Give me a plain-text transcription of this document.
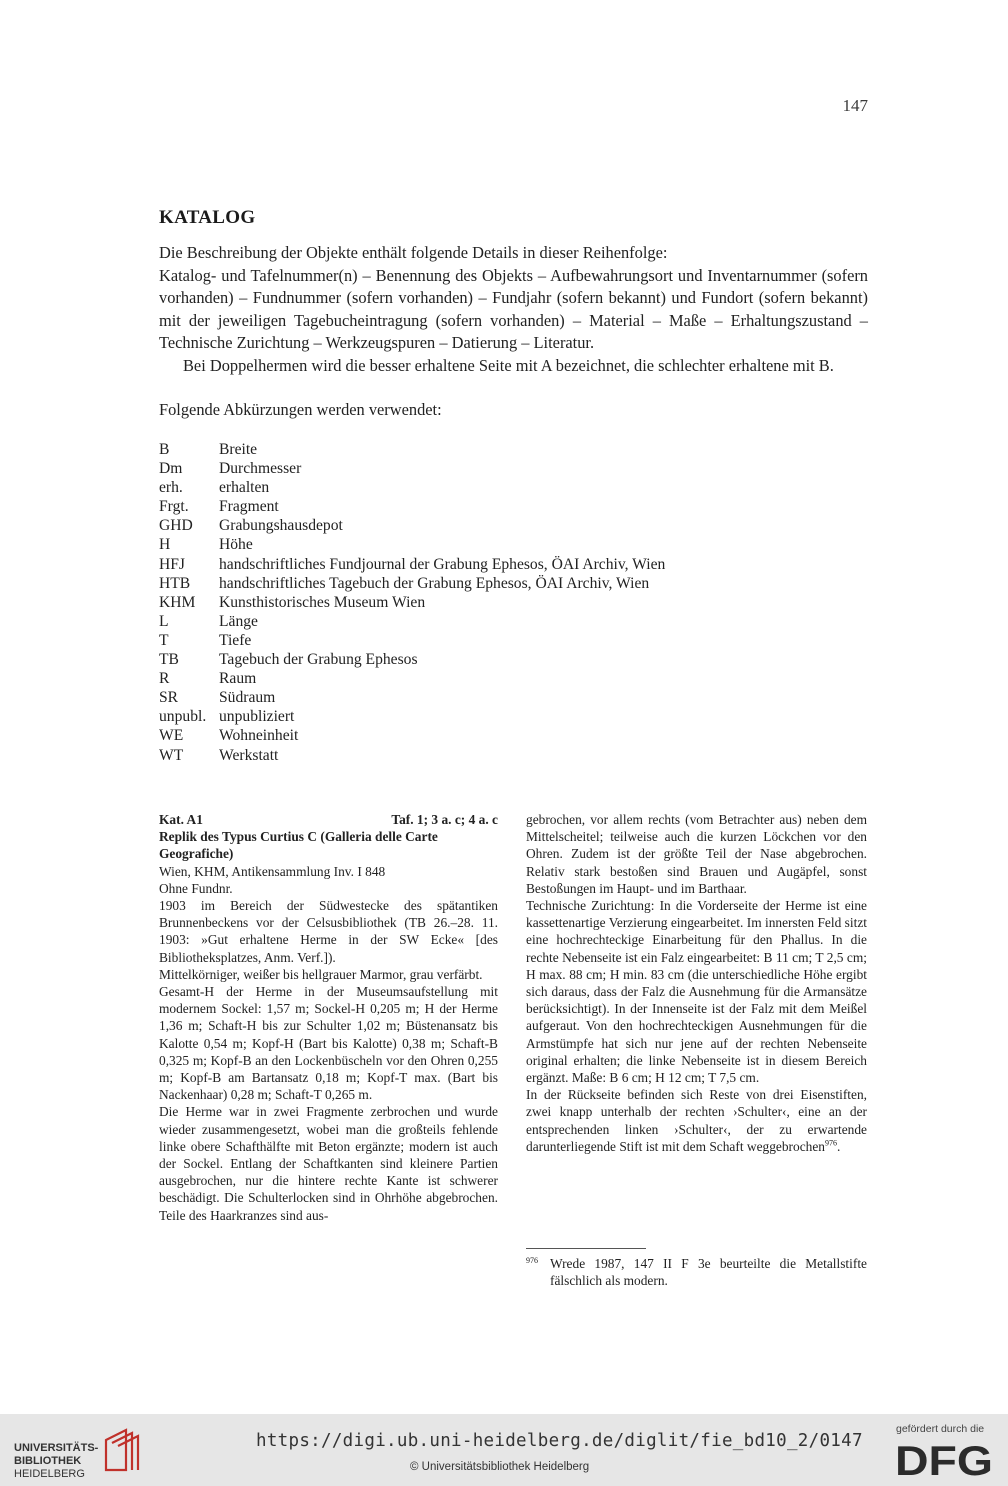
147
KATALOG

Die Beschreibung der Objekte enthält folgende Details in dieser Reihenfolge:

Katalog- und Tafelnummer(n) – Benennung des Objekts – Aufbewahrungsort und Inventarnummer (sofern vorhanden) – Fundnummer (sofern vorhanden) – Fundjahr (sofern bekannt) und Fundort (sofern bekannt) mit der jeweiligen Tagebucheintragung (sofern vorhanden) – Material – Maße – Erhaltungszustand – Technische Zurichtung – Werkzeugspuren – Datierung – Literatur.

Bei Doppelhermen wird die besser erhaltene Seite mit A bezeichnet, die schlechter erhaltene mit B.

Folgende Abkürzungen werden verwendet:
B	Breite
Dm Durchmesser
erh. erhalten
Frgt. Fragment
GHD Grabungshausdepot
H	Höhe
HFJ handschriftliches Fundjournal der Grabung Ephesos, ÖAI Archiv, Wien
HTB handschriftliches Tagebuch der Grabung Ephesos, ÖAI Archiv, Wien
KHM Kunsthistorisches Museum Wien
L	Länge
T	Tiefe
TB	Tagebuch der Grabung Ephesos
R	Raum
SR	Südraum
unpubl. unpubliziert
WE Wohneinheit
WT Werkstatt
Kat. A1	Taf. 1; 3 a. c; 4 a. c

Replik des Typus Curtius C (Galleria delle Carte Geografiche)

Wien, KHM, Antikensammlung Inv. I 848

Ohne Fundnr.

1903 im Bereich der Südwestecke des spätantiken Brunnenbeckens vor der Celsusbibliothek (TB 26.–28. 11. 1903: »Gut erhaltene Herme in der SW Ecke« [des Bibliotheksplatzes, Anm. Verf.]).

Mittelkörniger, weißer bis hellgrauer Marmor, grau verfärbt.

Gesamt-H der Herme in der Museumsaufstellung mit modernem Sockel: 1,57 m; Sockel-H 0,205 m; H der Herme 1,36 m; Schaft-H bis zur Schulter 1,02 m; Büstenansatz bis Kalotte 0,54 m; Kopf-H (Bart bis Kalotte) 0,38 m; Schaft-B 0,325 m; Kopf-B an den Lockenbüscheln vor den Ohren 0,255 m; Kopf-B am Bartansatz 0,18 m; Kopf-T max. (Bart bis Nackenhaar) 0,28 m; Schaft-T 0,265 m.

Die Herme war in zwei Fragmente zerbrochen und wurde wieder zusammengesetzt, wobei man die großteils fehlende linke obere Schafthälfte mit Beton ergänzte; modern ist auch der Sockel. Entlang der Schaftkanten sind kleinere Partien ausgebrochen, nur die hintere rechte Kante ist schwerer beschädigt. Die Schulterlocken sind in Ohrhöhe abgebrochen. Teile des Haarkranzes sind aus-

gebrochen, vor allem rechts (vom Betrachter aus) neben dem Mittelscheitel; teilweise auch die kurzen Löckchen vor den Ohren. Zudem ist der größte Teil der Nase abgebrochen. Relativ stark bestoßen sind Brauen und Augäpfel, sonst Bestoßungen im Haupt- und im Barthaar.

Technische Zurichtung: In die Vorderseite der Herme ist eine kassettenartige Verzierung eingearbeitet. Im innersten Feld sitzt eine hochrechteckige Einarbeitung für den Phallus. In die rechte Nebenseite ist ein Falz eingearbeitet: B 11 cm; T 2,5 cm; H max. 88 cm; H min. 83 cm (die unterschiedliche Höhe ergibt sich daraus, dass der Falz die Ausnehmung für die Armansätze berücksichtigt). In der Innenseite ist der Falz mit dem Meißel aufgeraut. Von den hochrechteckigen Ausnehmungen für die Armstümpfe hat sich nur jene auf der rechten Nebenseite original erhalten; die linke Nebenseite ist in diesem Bereich ergänzt. Maße: B 6 cm; H 12 cm; T 7,5 cm.

In der Rückseite befinden sich Reste von drei Eisenstiften, zwei knapp unterhalb der rechten ›Schulter‹, eine an der entsprechenden linken ›Schulter‹, der zu erwartende darunterliegende Stift ist mit dem Schaft weggebrochen$^{976}$.

976 Wrede 1987, 147 II F 3e beurteilte die Metallstifte fälschlich als modern.
UNIVERSITÄTS-
BIBLIOTHEK
HEIDELBERG
https://digi.ub.uni-heidelberg.de/diglit/fie_bd10_2/0147
© Universitätsbibliothek Heidelberg
gefördert durch die
DFG
